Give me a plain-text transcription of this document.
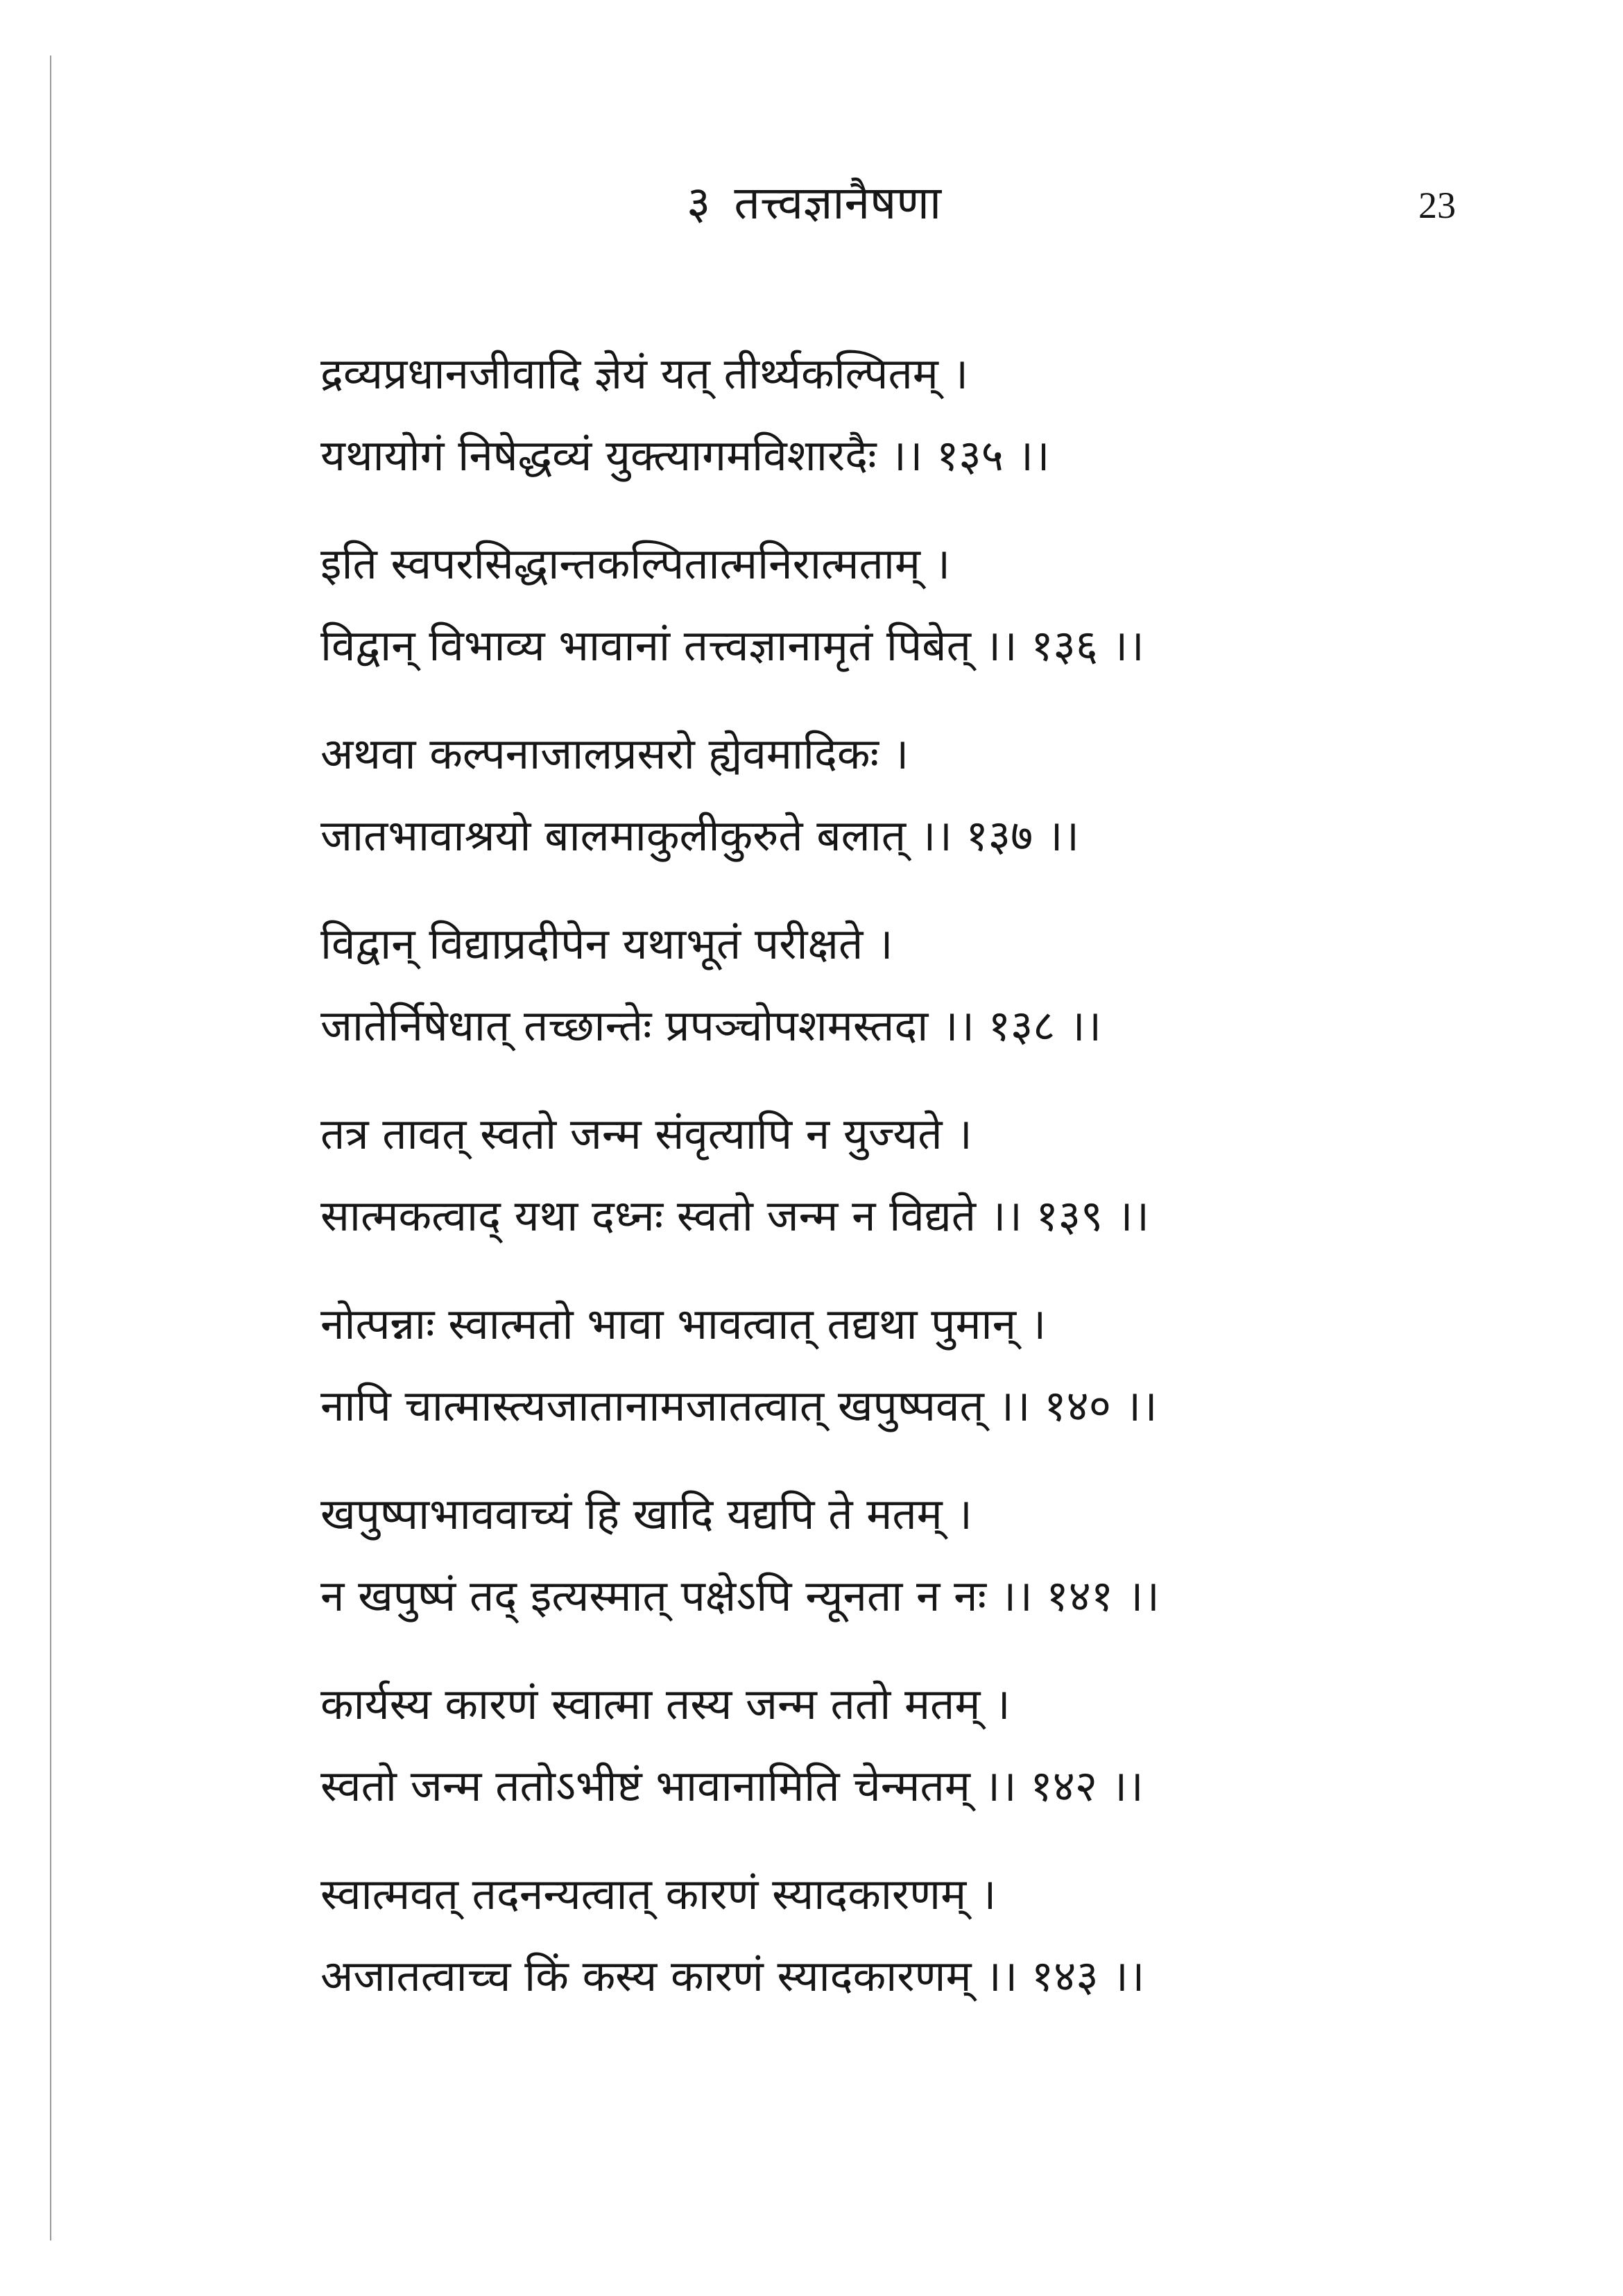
३ तत्त्वज्ञानैषणा	23
द्रव्यप्रधानजीवादि ज्ञेयं यत् तीर्थ्यकल्पितम् ।
यथायोगं निषेद्धव्यं युक्त्यागमविशारदैः ।। १३५ ।।
इति स्वपरसिद्धान्तकल्पितात्मनिरात्मताम् ।
विद्वान् विभाव्य भावानां तत्त्वज्ञानामृतं पिबेत् ।। १३६ ।।
अथवा कल्पनाजालप्रसरो ह्येवमादिकः ।
जातभावाश्रयो बालमाकुलीकुरुते बलात् ।। १३७ ।।
विद्वान् विद्याप्रदीपेन यथाभूतं परीक्षते ।
जातेर्निषेधात् तच्छान्तेः प्रपञ्चोपशमस्तदा ।। १३८ ।।
तत्र तावत् स्वतो जन्म संवृत्यापि न युज्यते ।
सात्मकत्वाद् यथा दध्नः स्वतो जन्म न विद्यते ।। १३९ ।।
नोत्पन्नाः स्वात्मतो भावा भावत्वात् तद्यथा पुमान् ।
नापि चात्मास्त्यजातानामजातत्वात् खपुष्पवत् ।। १४० ।।
खपुष्पाभाववाच्यं हि खादि यद्यपि ते मतम् ।
न खपुष्पं तद् इत्यस्मात् पक्षेऽपि न्यूनता न नः ।। १४१ ।।
कार्यस्य कारणं स्वात्मा तस्य जन्म ततो मतम् ।
स्वतो जन्म ततोऽभीष्टं भावानामिति चेन्मतम् ।। १४२ ।।
स्वात्मवत् तदनन्यत्वात् कारणं स्यादकारणम् ।
अजातत्वाच्च किं कस्य कारणं स्यादकारणम् ।। १४३ ।।
